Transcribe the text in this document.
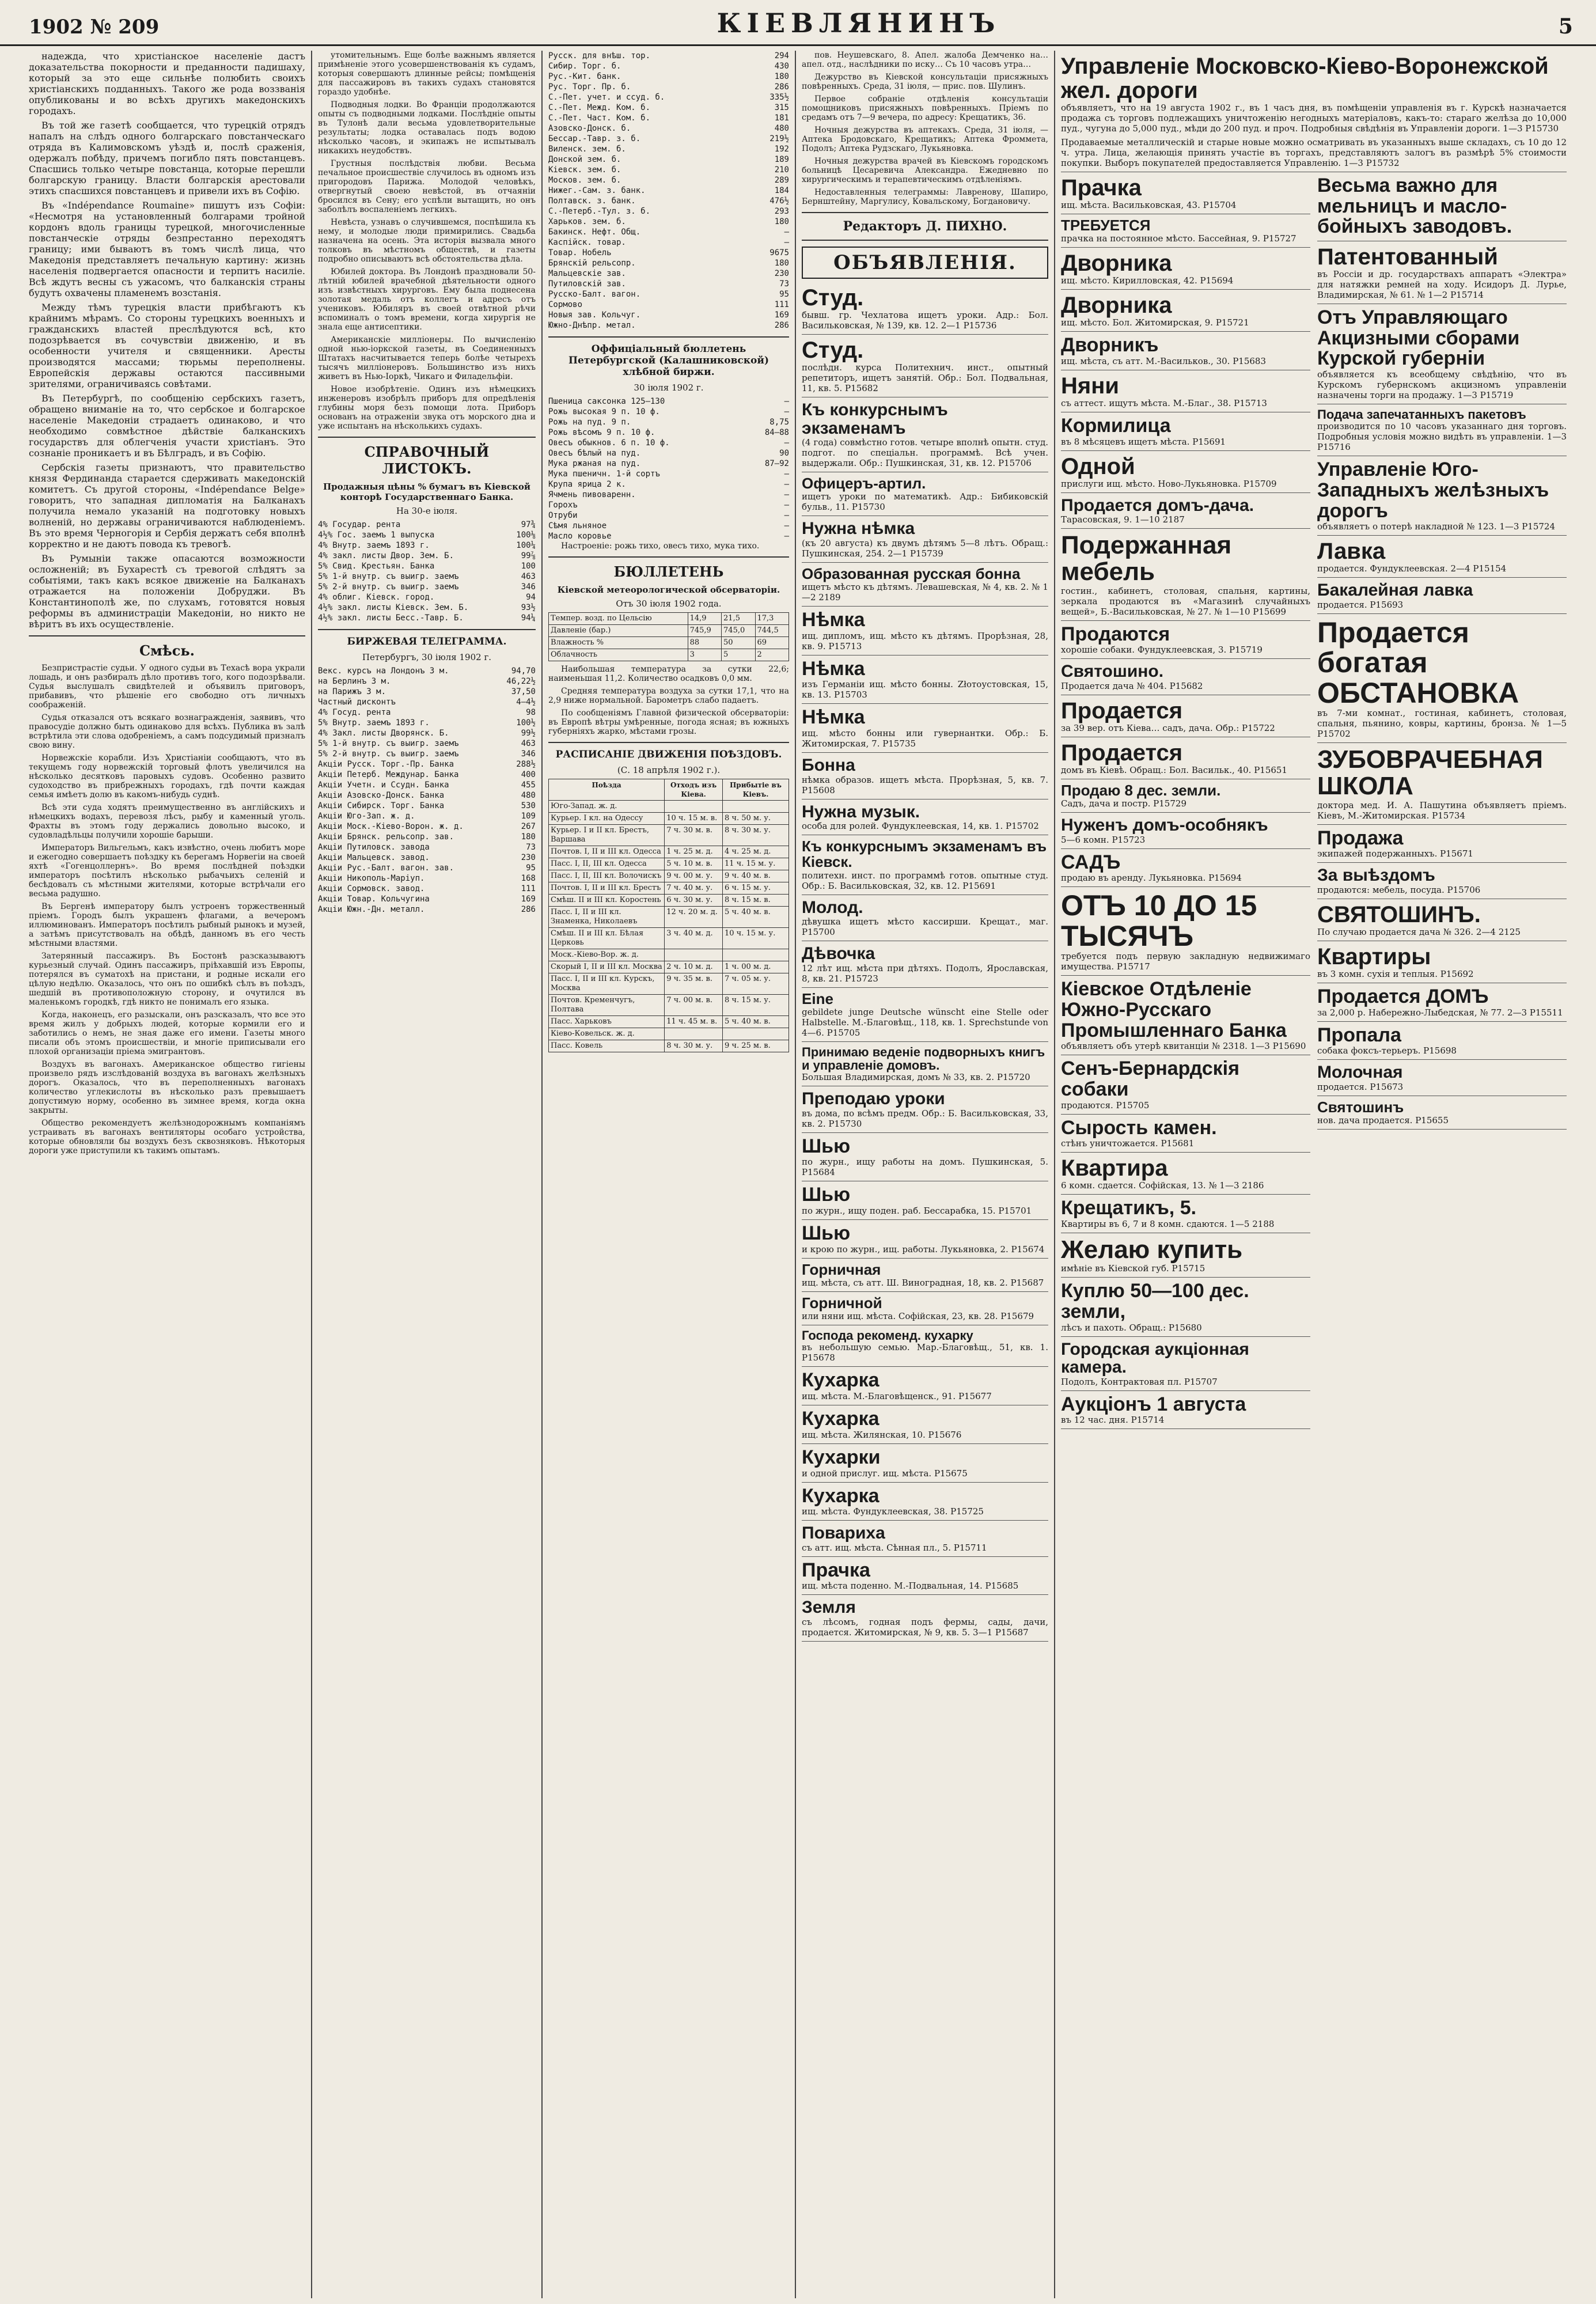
1902 № 209	КІЕВЛЯНИНЪ	5

надежда, что христіанское населеніе дастъ доказательства покорности и преданности падишаху, который за это еще сильнѣе полюбить своихъ христіанскихъ подданныхъ. Такого же рода воззванія опубликованы и во всѣхъ другихъ македонскихъ городахъ.

Въ той же газетѣ сообщается, что турецкій отрядъ напалъ на слѣдъ одного болгарскаго повстанческаго отряда въ Калимовскомъ уѣздѣ и, послѣ сраженія, одержалъ побѣду, причемъ погибло пять повстанцевъ. Спасшись только четыре повстанца, которые перешли болгарскую границу. Власти болгарскія арестовали этихъ спасшихся повстанцевъ и привели ихъ въ Софію.

Въ «Indépendance Roumaine» пишутъ изъ Софіи: «Несмотря на установленный болгарами тройной кордонъ вдоль границы турецкой, многочисленные повстанческіе отряды безпрестанно переходятъ границу; ими бываютъ въ томъ числѣ лица, что Македонія представляетъ печальную картину: жизнь населенія подвергается опасности и терпитъ насиліе. Всѣ ждутъ весны съ ужасомъ, что балканскія страны будутъ охвачены пламенемъ возстанія.

Между тѣмъ турецкія власти прибѣгаютъ къ крайнимъ мѣрамъ. Со стороны турецкихъ военныхъ и гражданскихъ властей преслѣдуются всѣ, кто подозрѣвается въ сочувствіи движенію, и въ особенности учителя и священники. Аресты производятся массами; тюрьмы переполнены. Европейскія державы остаются пассивными зрителями, ограничиваясь совѣтами.

Въ Петербургѣ, по сообщенію сербскихъ газетъ, обращено вниманіе на то, что сербское и болгарское населеніе Македоніи страдаетъ одинаково, и что необходимо совмѣстное дѣйствіе балканскихъ государствъ для облегченія участи христіанъ. Это сознаніе проникаетъ и въ Бѣлградъ, и въ Софію.

Сербскія газеты признаютъ, что правительство князя Фердинанда старается сдерживать македонскій комитетъ. Съ другой стороны, «Indépendance Belge» говоритъ, что западная дипломатія на Балканахъ получила немало указаній на подготовку новыхъ волненій, но державы ограничиваются наблюденіемъ. Въ это время Черногорія и Сербія держатъ себя вполнѣ корректно и не даютъ повода къ тревогѣ.

Въ Румыніи также опасаются возможности осложненій; въ Бухарестѣ съ тревогой слѣдятъ за событіями, такъ какъ всякое движеніе на Балканахъ отражается на положеніи Добруджи. Въ Константинополѣ же, по слухамъ, готовятся новыя реформы въ администраціи Македоніи, но никто не вѣритъ въ ихъ осуществленіе.

Смѣсь.

Безпристрастіе судьи. У одного судьи въ Техасѣ вора украли лошадь, и онъ разбиралъ дѣло противъ того, кого подозрѣвали. Судья выслушалъ свидѣтелей и объявилъ приговоръ, прибавивъ, что рѣшеніе его свободно отъ личныхъ соображеній.

Судья отказался отъ всякаго вознагражденія, заявивъ, что правосудіе должно быть одинаково для всѣхъ. Публика въ залѣ встрѣтила эти слова одобреніемъ, а самъ подсудимый призналъ свою вину.

Норвежскіе корабли. Изъ Христіаніи сообщаютъ, что въ текущемъ году норвежскій торговый флотъ увеличился на нѣсколько десятковъ паровыхъ судовъ. Особенно развито судоходство въ прибрежныхъ городахъ, гдѣ почти каждая семья имѣетъ долю въ какомъ-нибудь суднѣ.

Всѣ эти суда ходятъ преимущественно въ англійскихъ и нѣмецкихъ водахъ, перевозя лѣсъ, рыбу и каменный уголь. Фрахты въ этомъ году держались довольно высоко, и судовладѣльцы получили хорошіе барыши.

Императоръ Вильгельмъ, какъ извѣстно, очень любитъ море и ежегодно совершаетъ поѣздку къ берегамъ Норвегіи на своей яхтѣ «Гогенцоллернъ». Во время послѣдней поѣздки императоръ посѣтилъ нѣсколько рыбачьихъ селеній и бесѣдовалъ съ мѣстными жителями, которые встрѣчали его весьма радушно.

Въ Бергенѣ императору былъ устроенъ торжественный пріемъ. Городъ былъ украшенъ флагами, а вечеромъ иллюминованъ. Императоръ посѣтилъ рыбный рынокъ и музей, а затѣмъ присутствовалъ на обѣдѣ, данномъ въ его честь мѣстными властями.

Затерянный пассажиръ. Въ Бостонѣ разсказываютъ курьезный случай. Одинъ пассажиръ, пріѣхавшій изъ Европы, потерялся въ суматохѣ на пристани, и родные искали его цѣлую недѣлю. Оказалось, что онъ по ошибкѣ сѣлъ въ поѣздъ, шедшій въ противоположную сторону, и очутился въ маленькомъ городкѣ, гдѣ никто не понималъ его языка.

Когда, наконецъ, его разыскали, онъ разсказалъ, что все это время жилъ у добрыхъ людей, которые кормили его и заботились о немъ, не зная даже его имени. Газеты много писали объ этомъ происшествіи, и многіе приписывали его плохой организаціи пріема эмигрантовъ.

Воздухъ въ вагонахъ. Американское общество гигіены произвело рядъ изслѣдованій воздуха въ вагонахъ желѣзныхъ дорогъ. Оказалось, что въ переполненныхъ вагонахъ количество углекислоты въ нѣсколько разъ превышаетъ допустимую норму, особенно въ зимнее время, когда окна закрыты.

Общество рекомендуетъ желѣзнодорожнымъ компаніямъ устраивать въ вагонахъ вентиляторы особаго устройства, которые обновляли бы воздухъ безъ сквозняковъ. Нѣкоторыя дороги уже приступили къ такимъ опытамъ.

утомительнымъ. Еще болѣе важнымъ является примѣненіе этого усовершенствованія къ судамъ, которыя совершаютъ длинные рейсы; помѣщенія для пассажировъ въ такихъ судахъ становятся гораздо удобнѣе.

Подводныя лодки. Во Франціи продолжаются опыты съ подводными лодками. Послѣдніе опыты въ Тулонѣ дали весьма удовлетворительные результаты; лодка оставалась подъ водою нѣсколько часовъ, и экипажъ не испытывалъ никакихъ неудобствъ.

Грустныя послѣдствія любви. Весьма печальное происшествіе случилось въ одномъ изъ пригородовъ Парижа. Молодой человѣкъ, отвергнутый своею невѣстой, въ отчаяніи бросился въ Сену; его успѣли вытащить, но онъ заболѣлъ воспаленіемъ легкихъ.

Невѣста, узнавъ о случившемся, поспѣшила къ нему, и молодые люди примирились. Свадьба назначена на осень. Эта исторія вызвала много толковъ въ мѣстномъ обществѣ, и газеты подробно описываютъ всѣ обстоятельства дѣла.

Юбилей доктора. Въ Лондонѣ праздновали 50-лѣтній юбилей врачебной дѣятельности одного изъ извѣстныхъ хирурговъ. Ему была поднесена золотая медаль отъ коллегъ и адресъ отъ учениковъ. Юбиляръ въ своей отвѣтной рѣчи вспоминалъ о томъ времени, когда хирургія не знала еще антисептики.

Американскіе милліонеры. По вычисленію одной нью-іоркской газеты, въ Соединенныхъ Штатахъ насчитывается теперь болѣе четырехъ тысячъ милліонеровъ. Большинство изъ нихъ живетъ въ Нью-Іоркѣ, Чикаго и Филадельфіи.

Новое изобрѣтеніе. Одинъ изъ нѣмецкихъ инженеровъ изобрѣлъ приборъ для опредѣленія глубины моря безъ помощи лота. Приборъ основанъ на отраженіи звука отъ морского дна и уже испытанъ на нѣсколькихъ судахъ.

СПРАВОЧНЫЙ ЛИСТОКЪ.
Продажныя цѣны % бумагъ въ Кіевской конторѣ Государственнаго Банка.
На 30-е іюля.
4% Государ. рента	97¾
4½% Гос. заемъ 1 выпуска	100⅛
4% Внутр. заемъ 1893 г.	100¼
4% закл. листы Двор. Зем. Б.	99⅞
5% Свид. Крестьян. Банка	100
5% 1-й внутр. съ выигр. заемъ	463
5% 2-й внутр. съ выигр. заемъ	346
4% облиг. Кіевск. город.	94
4½% закл. листы Кіевск. Зем. Б.	93½
4½% закл. листы Бесс.-Тавр. Б.	94¼
БИРЖЕВАЯ ТЕЛЕГРАММА.
Петербургъ, 30 іюля 1902 г.
Векс. курсъ на Лондонъ 3 м.	94,70
на Берлинъ 3 м.	46,22½
на Парижъ 3 м.	37,50
Частный дисконтъ	4—4½
4% Госуд. рента	98
5% Внутр. заемъ 1893 г.	100½
4% Закл. листы Дворянск. Б.	99½
5% 1-й внутр. съ выигр. заемъ	463
5% 2-й внутр. съ выигр. заемъ	346
Акціи Русск. Торг.-Пр. Банка	288½
Акціи Петерб. Междунар. Банка	400
Акціи Учетн. и Ссудн. Банка	455
Акціи Азовско-Донск. Банка	480
Акціи Сибирск. Торг. Банка	530
Акціи Юго-Зап. ж. д.	109
Акціи Моск.-Кіево-Ворон. ж. д.	267
Акціи Брянск. рельсопр. зав.	180
Акціи Путиловск. завода	73
Акціи Мальцевск. завод.	230
Акціи Рус.-Балт. вагон. зав.	95
Акціи Никополь-Маріуп.	168
Акціи Сормовск. завод.	111
Акціи Товар. Кольчугина	169
Акціи Южн.-Дн. металл.	286
Русск. для внѣш. тор.	294
Сибир. Торг. б.	430
Рус.-Кит. банк.	180
Рус. Торг. Пр. б.	286
С.-Пет. учет. и ссуд. б.	335½
С.-Пет. Межд. Ком. б.	315
С.-Пет. Част. Ком. б.	181
Азовско-Донск. б.	480
Бессар.-Тавр. з. б.	219½
Виленск. зем. б.	192
Донской зем. б.	189
Кіевск. зем. б.	210
Москов. зем. б.	289
Нижег.-Сам. з. банк.	184
Полтавск. з. банк.	476½
С.-Петерб.-Тул. з. б.	293
Харьков. зем. б.	180
Бакинск. Нефт. Общ.	—
Каспійск. товар.	—
Товар. Нобель	9675
Брянскій рельсопр.	180
Мальцевскіе зав.	230
Путиловскій зав.	73
Русско-Балт. вагон.	95
Сормово	111
Новыя зав. Кольчуг.	169
Южно-Днѣпр. метал.	286
Оффиціальный бюллетень Петербургской (Калашниковской) хлѣбной биржи.
30 іюля 1902 г.
Пшеница саксонка 125—130	—
Рожь высокая 9 п. 10 ф.	—
Рожь на пуд. 9 п.	8,75
Рожь вѣсомъ 9 п. 10 ф.	84—88
Овесъ обыкнов. 6 п. 10 ф.	—
Овесъ бѣлый на пуд.	90
Мука ржаная на пуд.	87—92
Мука пшеничн. 1-й сортъ	—
Крупа ярица 2 к.	—
Ячмень пивоваренн.	—
Горохъ	—
Отруби	—
Сѣмя льняное	—
Масло коровье	—

Настроеніе: рожь тихо, овесъ тихо, мука тихо.

БЮЛЛЕТЕНЬ
Кіевской метеорологической обсерваторіи.
Отъ 30 іюля 1902 года.
Темпер. возд. по Цельсію	14,9	21,5	17,3
Давленіе (бар.)	745,9	745,0	744,5
Влажность %	88	50	69
Облачность	3	5	2

Наибольшая температура за сутки 22,6; наименьшая 11,2. Количество осадковъ 0,0 мм.

Средняя температура воздуха за сутки 17,1, что на 2,9 ниже нормальной. Барометръ слабо падаетъ.

По сообщеніямъ Главной физической обсерваторіи: въ Европѣ вѣтры умѣренные, погода ясная; въ южныхъ губерніяхъ жарко, мѣстами грозы.

РАСПИСАНІЕ ДВИЖЕНІЯ ПОѢЗДОВЪ.
(С. 18 апрѣля 1902 г.).
Поѣзда	Отходъ изъ Кіева.	Прибытіе въ Кіевъ.
Юго-Запад. ж. д.		
Курьер. I кл. на Одессу	10 ч. 15 м. в.	8 ч. 50 м. у.
Курьер. I и II кл. Брестъ, Варшава	7 ч. 30 м. в.	8 ч. 30 м. у.
Почтов. I, II и III кл. Одесса	1 ч. 25 м. д.	4 ч. 25 м. д.
Пасс. I, II, III кл. Одесса	5 ч. 10 м. в.	11 ч. 15 м. у.
Пасс. I, II, III кл. Волочискъ	9 ч. 00 м. у.	9 ч. 40 м. в.
Почтов. I, II и III кл. Брестъ	7 ч. 40 м. у.	6 ч. 15 м. у.
Смѣш. II и III кл. Коростень	6 ч. 30 м. у.	8 ч. 15 м. в.
Пасс. I, II и III кл. Знаменка, Николаевъ	12 ч. 20 м. д.	5 ч. 40 м. в.
Смѣш. II и III кл. Бѣлая Церковь	3 ч. 40 м. д.	10 ч. 15 м. у.
Моск.-Кіево-Вор. ж. д.		
Скорый I, II и III кл. Москва	2 ч. 10 м. д.	1 ч. 00 м. д.
Пасс. I, II и III кл. Курскъ, Москва	9 ч. 35 м. в.	7 ч. 05 м. у.
Почтов. Кременчугъ, Полтава	7 ч. 00 м. в.	8 ч. 15 м. у.
Пасс. Харьковъ	11 ч. 45 м. в.	5 ч. 40 м. в.
Кіево-Ковельск. ж. д.		
Пасс. Ковель	8 ч. 30 м. у.	9 ч. 25 м. в.

пов. Неушевскаго, 8. Апел. жалоба Демченко на… апел. отд., наслѣдники по иску… Съ 10 часовъ утра…

Дежурство въ Кіевской консультаціи присяжныхъ повѣренныхъ. Среда, 31 іюля, — прис. пов. Шулинъ.

Первое собраніе отдѣленія консультаціи помощниковъ присяжныхъ повѣренныхъ. Пріемъ по средамъ отъ 7—9 вечера, по адресу: Крещатикъ, 36.

Ночныя дежурства въ аптекахъ. Среда, 31 іюля, — Аптека Бродовскаго, Крещатикъ; Аптека Фроммета, Подолъ; Аптека Рудзскаго, Лукьяновка.

Ночныя дежурства врачей въ Кіевскомъ городскомъ больницѣ Цесаревича Александра. Ежедневно по хирургическимъ и терапевтическимъ отдѣленіямъ.

Недоставленныя телеграммы: Лавренову, Шапиро, Бернштейну, Маргулису, Ковальскому, Богдановичу.

Редакторъ Д. ПИХНО.
ОБЪЯВЛЕНІЯ.
Студ.
бывш. гр. Чехлатова ищетъ уроки. Адр.: Бол. Васильковская, № 139, кв. 12. 2—1 Р15736
Студ.
послѣдн. курса Политехнич. инст., опытный репетиторъ, ищетъ занятій. Обр.: Бол. Подвальная, 11, кв. 5. Р15682
Къ конкурснымъ экзаменамъ
(4 года) совмѣстно готов. четыре вполнѣ опытн. студ. подгот. по спеціальн. программѣ. Всѣ учен. выдержали. Обр.: Пушкинская, 31, кв. 12. Р15706
Офицеръ-артил.
ищетъ уроки по математикѣ. Адр.: Бибиковскій бульв., 11. Р15730
Нужна нѣмка
(къ 20 августа) къ двумъ дѣтямъ 5—8 лѣтъ. Обращ.: Пушкинская, 254. 2—1 Р15739
Образованная русская бонна
ищетъ мѣсто къ дѣтямъ. Левашевская, № 4, кв. 2. № 1—2 2189
Нѣмка
ищ. дипломъ, ищ. мѣсто къ дѣтямъ. Прорѣзная, 28, кв. 9. Р15713
Нѣмка
изъ Германіи ищ. мѣсто бонны. Złотоустовская, 15, кв. 13. Р15703
Нѣмка
ищ. мѣсто бонны или гувернантки. Обр.: Б. Житомирская, 7. Р15735
Бонна
нѣмка образов. ищетъ мѣста. Прорѣзная, 5, кв. 7. Р15608
Нужна музык.
особа для ролей. Фундуклеевская, 14, кв. 1. Р15702
Къ конкурснымъ экзаменамъ въ Кіевск.
политехн. инст. по программѣ готов. опытные студ. Обр.: Б. Васильковская, 32, кв. 12. Р15691
Молод.
дѣвушка ищетъ мѣсто кассирши. Крещат., маг. Р15700
Дѣвочка
12 лѣт ищ. мѣста при дѣтяхъ. Подолъ, Ярославская, 8, кв. 21. Р15723
Eine
gebildete junge Deutsche wünscht eine Stelle oder Halbstelle. М.-Благовѣщ., 118, кв. 1. Sprechstunde von 4—6. Р15705
Принимаю веденіе подворныхъ книгъ и управленіе домовъ.
Большая Владимирская, домъ № 33, кв. 2. Р15720
Преподаю уроки
въ дома, по всѣмъ предм. Обр.: Б. Васильковская, 33, кв. 2. Р15730
Шью
по журн., ищу работы на домъ. Пушкинская, 5. Р15684
Шью
по журн., ищу поден. раб. Бессарабка, 15. Р15701
Шью
и крою по журн., ищ. работы. Лукьяновка, 2. Р15674
Горничная
ищ. мѣста, съ атт. Ш. Виноградная, 18, кв. 2. Р15687
Горничной
или няни ищ. мѣста. Софійская, 23, кв. 28. Р15679
Господа рекоменд. кухарку
въ небольшую семью. Мар.-Благовѣщ., 51, кв. 1. Р15678
Кухарка
ищ. мѣста. М.-Благовѣщенск., 91. Р15677
Кухарка
ищ. мѣста. Жилянская, 10. Р15676
Кухарки
и одной прислуг. ищ. мѣста. Р15675
Кухарка
ищ. мѣста. Фундуклеевская, 38. Р15725
Повариха
съ атт. ищ. мѣста. Сѣнная пл., 5. Р15711
Прачка
ищ. мѣста поденно. М.-Подвальная, 14. Р15685
Земля
съ лѣсомъ, годная подъ фермы, сады, дачи, продается. Житомирская, № 9, кв. 5. 3—1 Р15687
Управленіе Московско-Кіево-Воронежской жел. дороги
объявляетъ, что на 19 августа 1902 г., въ 1 часъ дня, въ помѣщеніи управленія въ г. Курскѣ назначается продажа съ торговъ подлежащихъ уничтоженію негодныхъ матеріаловъ, какъ-то: стараго желѣза до 10,000 пуд., чугуна до 5,000 пуд., мѣди до 200 пуд. и проч. Подробныя свѣдѣнія въ Управленіи дороги. 1—3 Р15730
Продаваемые металлическій и старые новые можно осматривать въ указанныхъ выше складахъ, съ 10 до 12 ч. утра. Лица, желающія принять участіе въ торгахъ, представляютъ залогъ въ размѣрѣ 5% стоимости покупки. Выборъ покупателей предоставляется Управленію. 1—3 Р15732
Прачка
ищ. мѣста. Васильковская, 43. Р15704
ТРЕБУЕТСЯ
прачка на постоянное мѣсто. Бассейная, 9. Р15727
Дворника
ищ. мѣсто. Кирилловская, 42. Р15694
Дворника
ищ. мѣсто. Бол. Житомирская, 9. Р15721
Дворникъ
ищ. мѣста, съ атт. М.-Васильков., 30. Р15683
Няни
съ аттест. ищутъ мѣста. М.-Благ., 38. Р15713
Кормилица
въ 8 мѣсяцевъ ищетъ мѣста. Р15691
Одной
прислуги ищ. мѣсто. Ново-Лукьяновка. Р15709
Продается домъ-дача.
Тарасовская, 9. 1—10 2187
Подержанная мебель
гостин., кабинетъ, столовая, спальня, картины, зеркала продаются въ «Магазинѣ случайныхъ вещей», Б.-Васильковская, № 27. № 1—10 Р15699
Продаются
хорошіе собаки. Фундуклеевская, 3. Р15719
Святошино.
Продается дача № 404. Р15682
Продается
за 39 вер. отъ Кіева… садъ, дача. Обр.: Р15722
Продается
домъ въ Кіевѣ. Обращ.: Бол. Васильк., 40. Р15651
Продаю 8 дес. земли.
Садъ, дача и постр. Р15729
Нуженъ домъ-особнякъ
5—6 комн. Р15723
САДЪ
продаю въ аренду. Лукьяновка. Р15694
ОТЪ 10 ДО 15 ТЫСЯЧЪ
требуется подъ первую закладную недвижимаго имущества. Р15717
Кіевское Отдѣленіе Южно-Русскаго Промышленнаго Банка
объявляетъ объ утерѣ квитанціи № 2318. 1—3 Р15690
Сенъ-Бернардскія собаки
продаются. Р15705
Сырость камен.
стѣнъ уничтожается. Р15681
Квартира
6 комн. сдается. Софійская, 13. № 1—3 2186
Крещатикъ, 5.
Квартиры въ 6, 7 и 8 комн. сдаются. 1—5 2188
Желаю купить
имѣніе въ Кіевской губ. Р15715
Куплю 50—100 дес. земли,
лѣсъ и пахоть. Обращ.: Р15680
Городская аукціонная камера.
Подолъ, Контрактовая пл. Р15707
Аукціонъ 1 августа
въ 12 час. дня. Р15714
Весьма важно для мельницъ и масло-бойныхъ заводовъ.
Патентованный
въ Россіи и др. государствахъ аппаратъ «Электра» для натяжки ремней на ходу. Исидоръ Д. Лурье, Владимирская, № 61. № 1—2 Р15714
Отъ Управляющаго Акцизными сборами Курской губерніи
объявляется къ всеобщему свѣдѣнію, что въ Курскомъ губернскомъ акцизномъ управленіи назначены торги на продажу. 1—3 Р15719
Подача запечатанныхъ пакетовъ
производится по 10 часовъ указаннаго дня торговъ. Подробныя условія можно видѣть въ управленіи. 1—3 Р15716
Управленіе Юго-Западныхъ желѣзныхъ дорогъ
объявляетъ о потерѣ накладной № 123. 1—3 Р15724
Лавка
продается. Фундуклеевская. 2—4 Р15154
Бакалейная лавка
продается. Р15693
Продается богатая ОБСТАНОВКА
въ 7-ми комнат., гостиная, кабинетъ, столовая, спальня, пьянино, ковры, картины, бронза. № 1—5 Р15702
ЗУБОВРАЧЕБНАЯ ШКОЛА
доктора мед. И. А. Пашутина объявляетъ пріемъ. Кіевъ, М.-Житомирская. Р15734
Продажа
экипажей подержанныхъ. Р15671
За выѣздомъ
продаются: мебель, посуда. Р15706
СВЯТОШИНЪ.
По случаю продается дача № 326. 2—4 2125
Квартиры
въ 3 комн. сухія и теплыя. Р15692
Продается ДОМЪ
за 2,000 р. Набережно-Лыбедская, № 77. 2—3 Р15511
Пропала
собака фоксъ-терьеръ. Р15698
Молочная
продается. Р15673
Святошинъ
нов. дача продается. Р15655
